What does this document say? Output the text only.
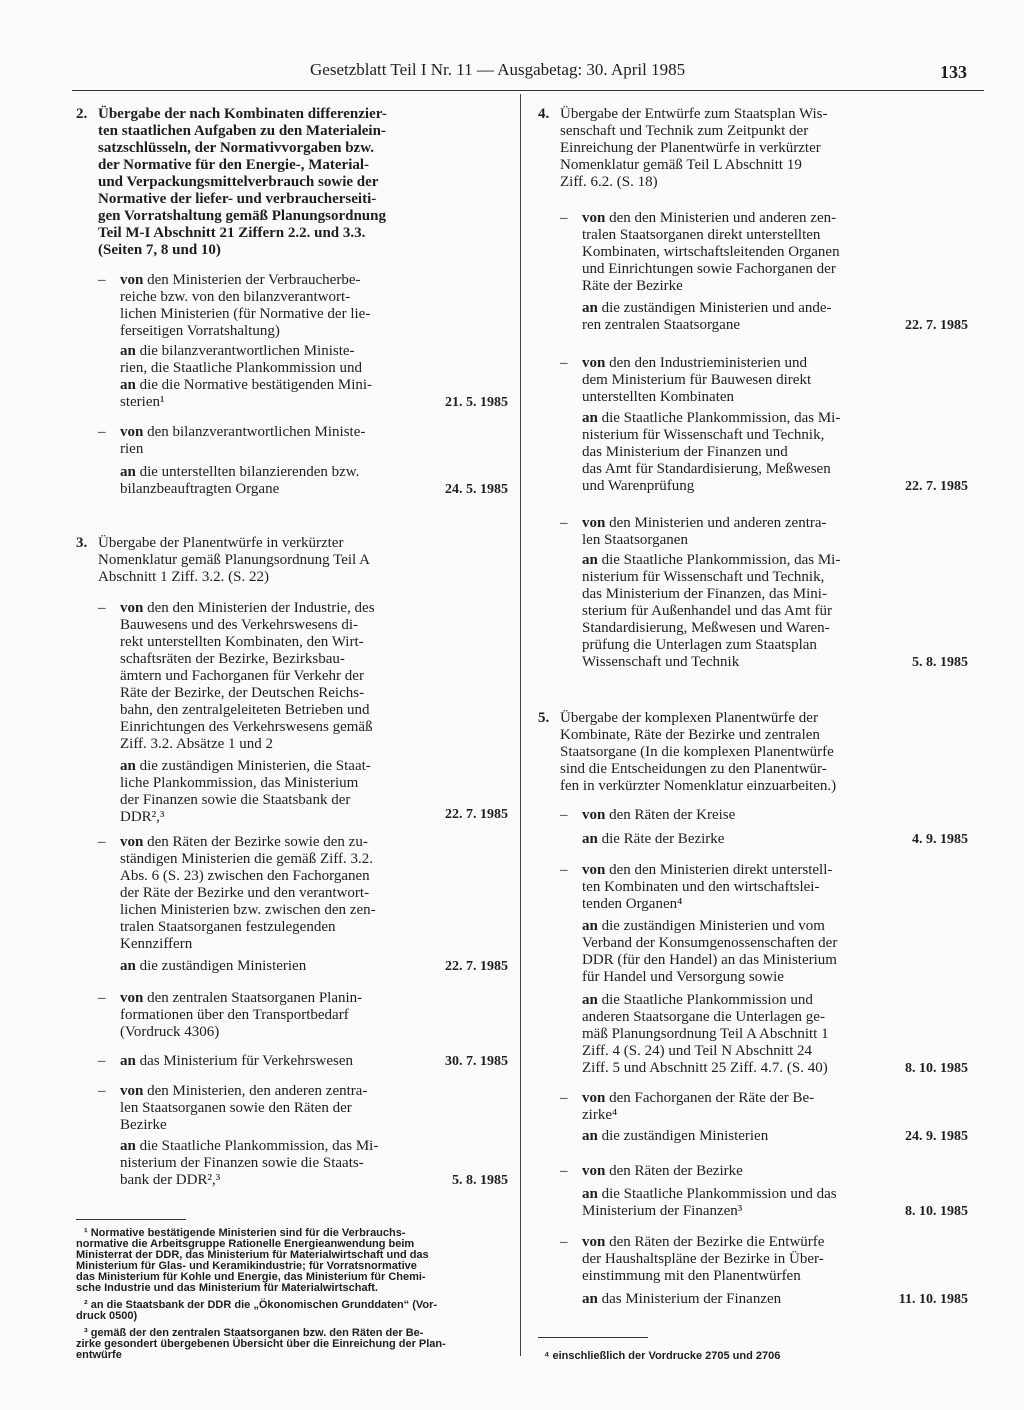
Gesetzblatt Teil I Nr. 11 — Ausgabetag: 30. April 1985	133
2. Übergabe der nach Kombinaten differenzier-
ten staatlichen Aufgaben zu den Materialein-
satzschlüsseln, der Normativvorgaben bzw.
der Normative für den Energie-, Material-
und Verpackungsmittelverbrauch sowie der
Normative der liefer- und verbraucherseiti-
gen Vorratshaltung gemäß Planungsordnung
Teil M-I Abschnitt 21 Ziffern 2.2. und 3.3.
(Seiten 7, 8 und 10)
– von den Ministerien der Verbraucherbe-
reiche bzw. von den bilanzverantwort-
lichen Ministerien (für Normative der lie-
ferseitigen Vorratshaltung)
an die bilanzverantwortlichen Ministe-
rien, die Staatliche Plankommission und
an die die Normative bestätigenden Mini-
sterien¹	21. 5. 1985
– von den bilanzverantwortlichen Ministe-
rien
an die unterstellten bilanzierenden bzw.
bilanzbeauftragten Organe	24. 5. 1985
3. Übergabe der Planentwürfe in verkürzter
Nomenklatur gemäß Planungsordnung Teil A
Abschnitt 1 Ziff. 3.2. (S. 22)
– von den den Ministerien der Industrie, des
Bauwesens und des Verkehrswesens di-
rekt unterstellten Kombinaten, den Wirt-
schaftsräten der Bezirke, Bezirksbau-
ämtern und Fachorganen für Verkehr der
Räte der Bezirke, der Deutschen Reichs-
bahn, den zentralgeleiteten Betrieben und
Einrichtungen des Verkehrswesens gemäß
Ziff. 3.2. Absätze 1 und 2
an die zuständigen Ministerien, die Staat-
liche Plankommission, das Ministerium
der Finanzen sowie die Staatsbank der
DDR²,³	22. 7. 1985
– von den Räten der Bezirke sowie den zu-
ständigen Ministerien die gemäß Ziff. 3.2.
Abs. 6 (S. 23) zwischen den Fachorganen
der Räte der Bezirke und den verantwort-
lichen Ministerien bzw. zwischen den zen-
tralen Staatsorganen festzulegenden
Kennziffern
an die zuständigen Ministerien	22. 7. 1985
– von den zentralen Staatsorganen Planin-
formationen über den Transportbedarf
(Vordruck 4306)
– an das Ministerium für Verkehrswesen	30. 7. 1985
– von den Ministerien, den anderen zentra-
len Staatsorganen sowie den Räten der
Bezirke
an die Staatliche Plankommission, das Mi-
nisterium der Finanzen sowie die Staats-
bank der DDR²,³	5. 8. 1985
¹ Normative bestätigende Ministerien sind für die Verbrauchs-
normative die Arbeitsgruppe Rationelle Energieanwendung beim
Ministerrat der DDR, das Ministerium für Materialwirtschaft und das
Ministerium für Glas- und Keramikindustrie; für Vorratsnormative
das Ministerium für Kohle und Energie, das Ministerium für Chemi-
sche Industrie und das Ministerium für Materialwirtschaft.
² an die Staatsbank der DDR die „Ökonomischen Grunddaten“ (Vor-
druck 0500)
³ gemäß der den zentralen Staatsorganen bzw. den Räten der Be-
zirke gesondert übergebenen Übersicht über die Einreichung der Plan-
entwürfe
4. Übergabe der Entwürfe zum Staatsplan Wis-
senschaft und Technik zum Zeitpunkt der
Einreichung der Planentwürfe in verkürzter
Nomenklatur gemäß Teil L Abschnitt 19
Ziff. 6.2. (S. 18)
– von den den Ministerien und anderen zen-
tralen Staatsorganen direkt unterstellten
Kombinaten, wirtschaftsleitenden Organen
und Einrichtungen sowie Fachorganen der
Räte der Bezirke
an die zuständigen Ministerien und ande-
ren zentralen Staatsorgane	22. 7. 1985
– von den den Industrieministerien und
dem Ministerium für Bauwesen direkt
unterstellten Kombinaten
an die Staatliche Plankommission, das Mi-
nisterium für Wissenschaft und Technik,
das Ministerium der Finanzen und
das Amt für Standardisierung, Meßwesen
und Warenprüfung	22. 7. 1985
– von den Ministerien und anderen zentra-
len Staatsorganen
an die Staatliche Plankommission, das Mi-
nisterium für Wissenschaft und Technik,
das Ministerium der Finanzen, das Mini-
sterium für Außenhandel und das Amt für
Standardisierung, Meßwesen und Waren-
prüfung die Unterlagen zum Staatsplan
Wissenschaft und Technik	5. 8. 1985
5. Übergabe der komplexen Planentwürfe der
Kombinate, Räte der Bezirke und zentralen
Staatsorgane (In die komplexen Planentwürfe
sind die Entscheidungen zu den Planentwür-
fen in verkürzter Nomenklatur einzuarbeiten.)
– von den Räten der Kreise
an die Räte der Bezirke	4. 9. 1985
– von den den Ministerien direkt unterstell-
ten Kombinaten und den wirtschaftslei-
tenden Organen⁴
an die zuständigen Ministerien und vom
Verband der Konsumgenossenschaften der
DDR (für den Handel) an das Ministerium
für Handel und Versorgung sowie
an die Staatliche Plankommission und
anderen Staatsorgane die Unterlagen ge-
mäß Planungsordnung Teil A Abschnitt 1
Ziff. 4 (S. 24) und Teil N Abschnitt 24
Ziff. 5 und Abschnitt 25 Ziff. 4.7. (S. 40)	8. 10. 1985
– von den Fachorganen der Räte der Be-
zirke⁴
an die zuständigen Ministerien	24. 9. 1985
– von den Räten der Bezirke
an die Staatliche Plankommission und das
Ministerium der Finanzen³	8. 10. 1985
– von den Räten der Bezirke die Entwürfe
der Haushaltspläne der Bezirke in Über-
einstimmung mit den Planentwürfen
an das Ministerium der Finanzen	11. 10. 1985
⁴ einschließlich der Vordrucke 2705 und 2706
